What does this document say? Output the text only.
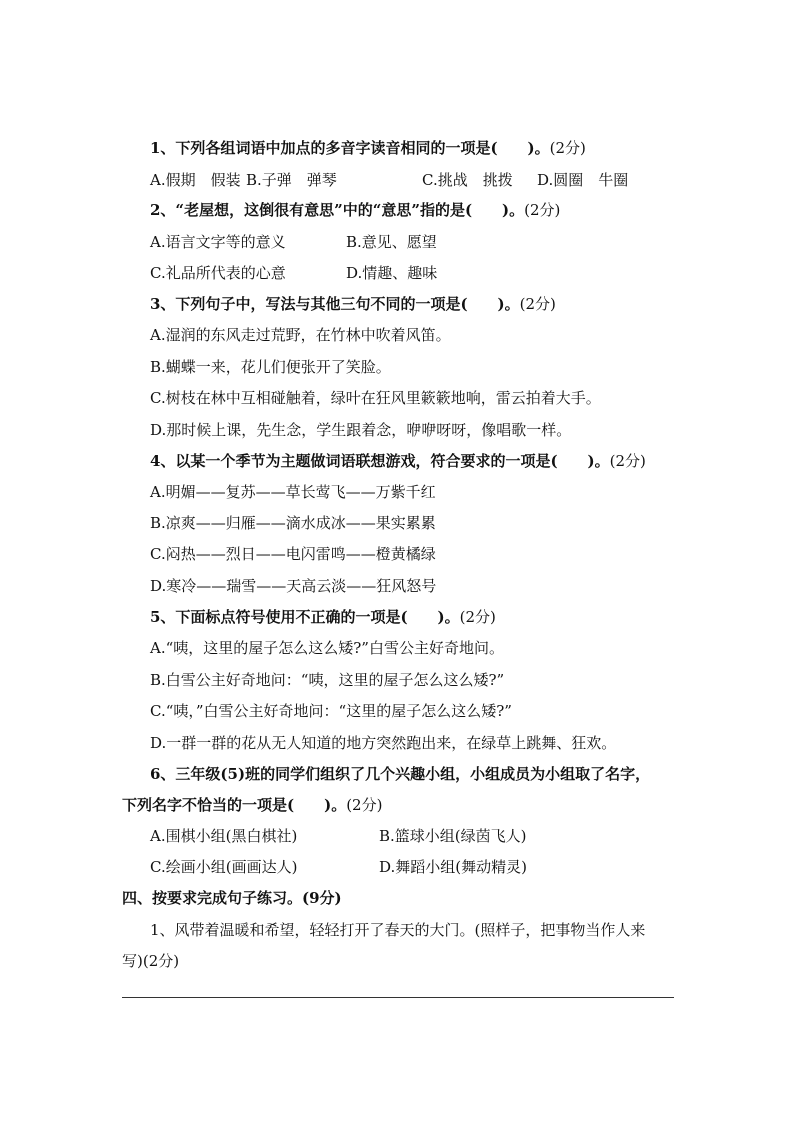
1、下列各组词语中加点的多音字读音相同的一项是(　　)。(2分)
A.假期　假装 B.子弹　弹琴	C.挑战　挑拨 D.圆圈　牛圈
2、“老屋想，这倒很有意思”中的“意思”指的是(　　)。(2分)
A.语言文字等的意义	B.意见、愿望
C.礼品所代表的心意	D.情趣、趣味
3、下列句子中，写法与其他三句不同的一项是(　　)。(2分)
A.湿润的东风走过荒野，在竹林中吹着风笛。
B.蝴蝶一来，花儿们便张开了笑脸。
C.树枝在林中互相碰触着，绿叶在狂风里簌簌地响，雷云拍着大手。
D.那时候上课，先生念，学生跟着念，咿咿呀呀，像唱歌一样。
4、以某一个季节为主题做词语联想游戏，符合要求的一项是(　　)。(2分)
A.明媚——复苏——草长莺飞——万紫千红
B.凉爽——归雁——滴水成冰——果实累累
C.闷热——烈日——电闪雷鸣——橙黄橘绿
D.寒冷——瑞雪——天高云淡——狂风怒号
5、下面标点符号使用不正确的一项是(　　)。(2分)
A.“咦，这里的屋子怎么这么矮?”白雪公主好奇地问。
B.白雪公主好奇地问：“咦，这里的屋子怎么这么矮?”
C.“咦，”白雪公主好奇地问：“这里的屋子怎么这么矮?”
D.一群一群的花从无人知道的地方突然跑出来，在绿草上跳舞、狂欢。
6、三年级(5)班的同学们组织了几个兴趣小组，小组成员为小组取了名字，
下列名字不恰当的一项是(　　)。(2分)
A.围棋小组(黑白棋社)	B.篮球小组(绿茵飞人)
C.绘画小组(画画达人)	D.舞蹈小组(舞动精灵)
四、按要求完成句子练习。(9分)
1、风带着温暖和希望，轻轻打开了春天的大门。(照样子，把事物当作人来
写)(2分)
